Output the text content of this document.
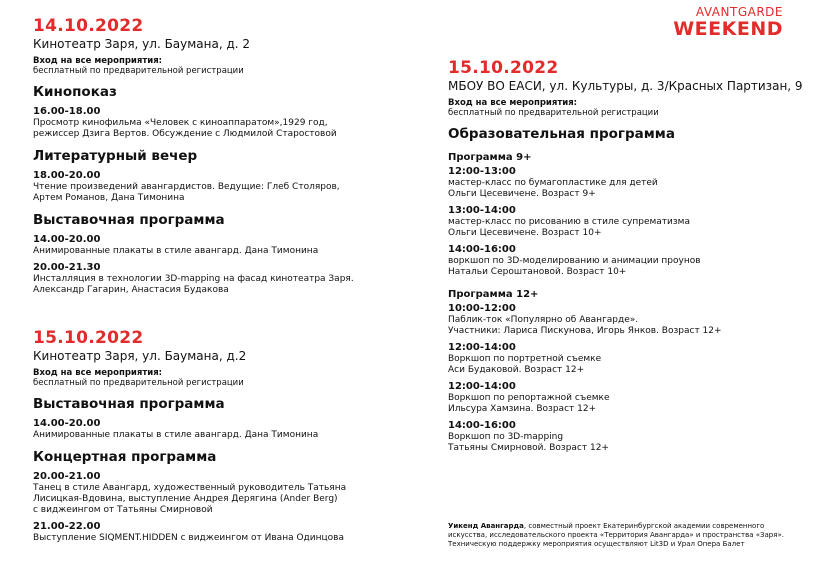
AVANTGARDE
WEEKEND
14.10.2022
Кинотеатр Заря, ул. Баумана, д. 2
Вход на все мероприятия:
бесплатный по предварительной регистрации
Кинопоказ
16.00-18.00
Просмотр кинофильма «Человек с киноаппаратом»,1929 год,
режиссер Дзига Вертов. Обсуждение с Людмилой Старостовой
Литературный вечер
18.00-20.00
Чтение произведений авангардистов. Ведущие: Глеб Столяров,
Артем Романов, Дана Тимонина
Выставочная программа
14.00-20.00
Анимированные плакаты в стиле авангард. Дана Тимонина
20.00-21.30
Инсталляция в технологии 3D-mapping на фасад кинотеатра Заря.
Александр Гагарин, Анастасия Будакова
15.10.2022
Кинотеатр Заря, ул. Баумана, д.2
Вход на все мероприятия:
бесплатный по предварительной регистрации
Выставочная программа
14.00-20.00
Анимированные плакаты в стиле авангард. Дана Тимонина
Концертная программа
20.00-21.00
Танец в стиле Авангард, художественный руководитель Татьяна
Лисицкая-Вдовина, выступление Андрея Дерягина (Ander Berg)
с виджеингом от Татьяны Смирновой
21.00-22.00
Выступление SIQMENT.HIDDEN с виджеингом от Ивана Одинцова
15.10.2022
МБОУ ВО ЕАСИ, ул. Культуры, д. 3/Красных Партизан, 9
Вход на все мероприятия:
бесплатный по предварительной регистрации
Образовательная программа
Программа 9+
12:00-13:00
мастер-класс по бумагопластике для детей
Ольги Цесевичене. Возраст 9+
13:00-14:00
мастер-класс по рисованию в стиле супрематизма
Ольги Цесевичене. Возраст 10+
14:00-16:00
воркшоп по 3D-моделированию и анимации проунов
Натальи Сероштановой. Возраст 10+
Программа 12+
10:00-12:00
Паблик-ток «Популярно об Авангарде».
Участники: Лариса Пискунова, Игорь Янков. Возраст 12+
12:00-14:00
Воркшоп по портретной съемке
Аси Будаковой. Возраст 12+
12:00-14:00
Воркшоп по репортажной съемке
Ильсура Хамзина. Возраст 12+
14:00-16:00
Воркшоп по 3D-mapping
Татьяны Смирновой. Возраст 12+
Уикенд Авангарда, совместный проект Екатеринбургской академии современного искусства, исследовательского проекта «Территория Авангарда» и пространства «Заря». Техническую поддержку мероприятия осуществляют Lit3D и Урал Опера Балет
